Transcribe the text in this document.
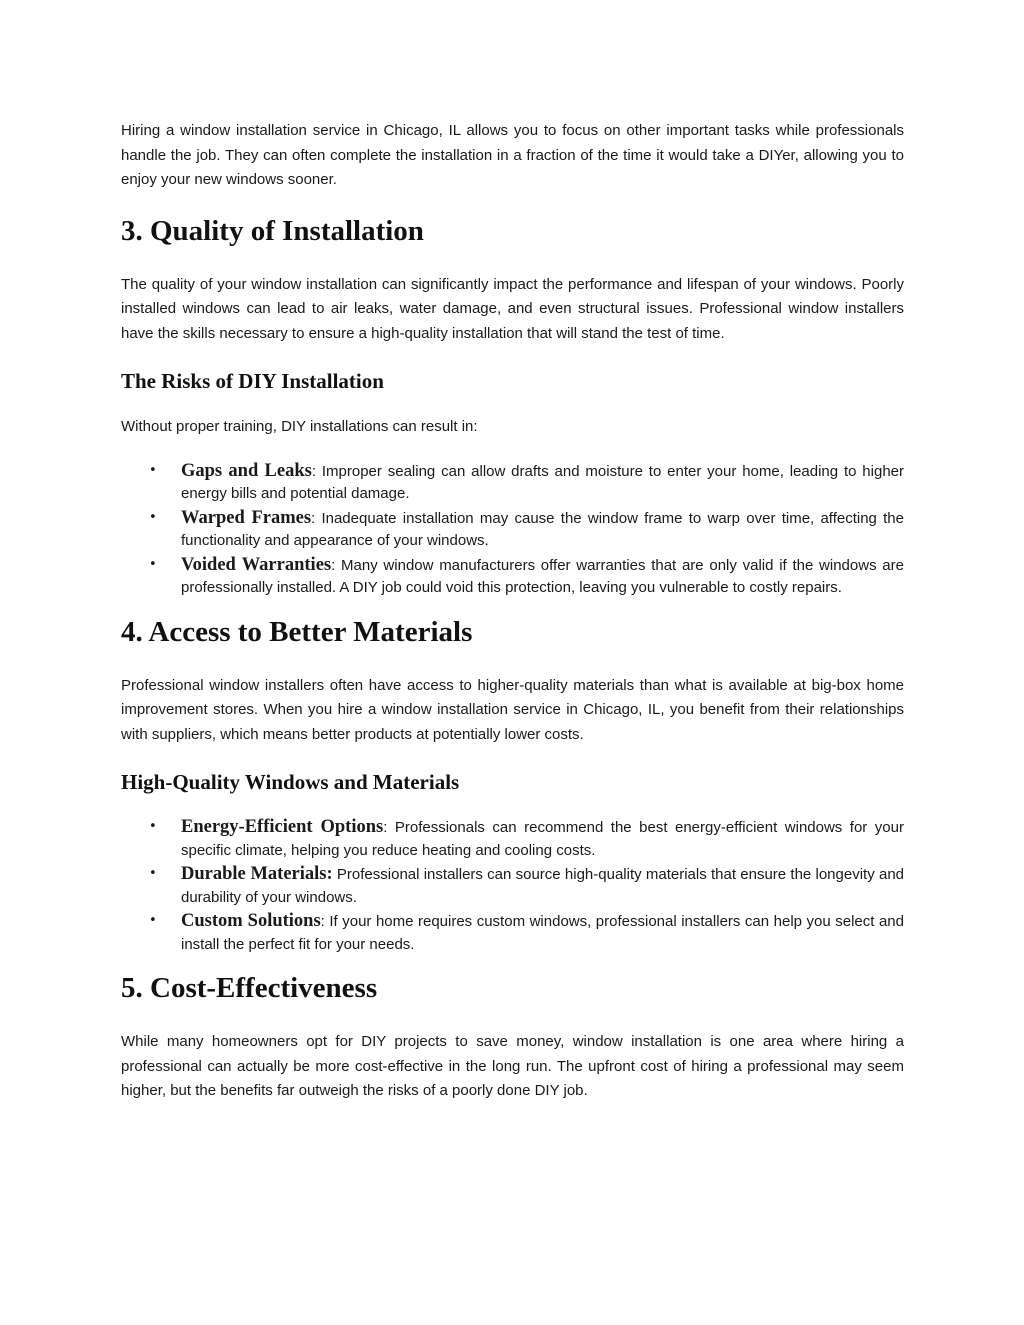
Hiring a window installation service in Chicago, IL allows you to focus on other important tasks while professionals handle the job. They can often complete the installation in a fraction of the time it would take a DIYer, allowing you to enjoy your new windows sooner.

3. Quality of Installation

The quality of your window installation can significantly impact the performance and lifespan of your windows. Poorly installed windows can lead to air leaks, water damage, and even structural issues. Professional window installers have the skills necessary to ensure a high-quality installation that will stand the test of time.

The Risks of DIY Installation

Without proper training, DIY installations can result in:

• Gaps and Leaks: Improper sealing can allow drafts and moisture to enter your home, leading to higher energy bills and potential damage.
• Warped Frames: Inadequate installation may cause the window frame to warp over time, affecting the functionality and appearance of your windows.
• Voided Warranties: Many window manufacturers offer warranties that are only valid if the windows are professionally installed. A DIY job could void this protection, leaving you vulnerable to costly repairs.
4. Access to Better Materials

Professional window installers often have access to higher-quality materials than what is available at big-box home improvement stores. When you hire a window installation service in Chicago, IL, you benefit from their relationships with suppliers, which means better products at potentially lower costs.

High-Quality Windows and Materials
• Energy-Efficient Options: Professionals can recommend the best energy-efficient windows for your specific climate, helping you reduce heating and cooling costs.
• Durable Materials: Professional installers can source high-quality materials that ensure the longevity and durability of your windows.
• Custom Solutions: If your home requires custom windows, professional installers can help you select and install the perfect fit for your needs.
5. Cost-Effectiveness

While many homeowners opt for DIY projects to save money, window installation is one area where hiring a professional can actually be more cost-effective in the long run. The upfront cost of hiring a professional may seem higher, but the benefits far outweigh the risks of a poorly done DIY job.
